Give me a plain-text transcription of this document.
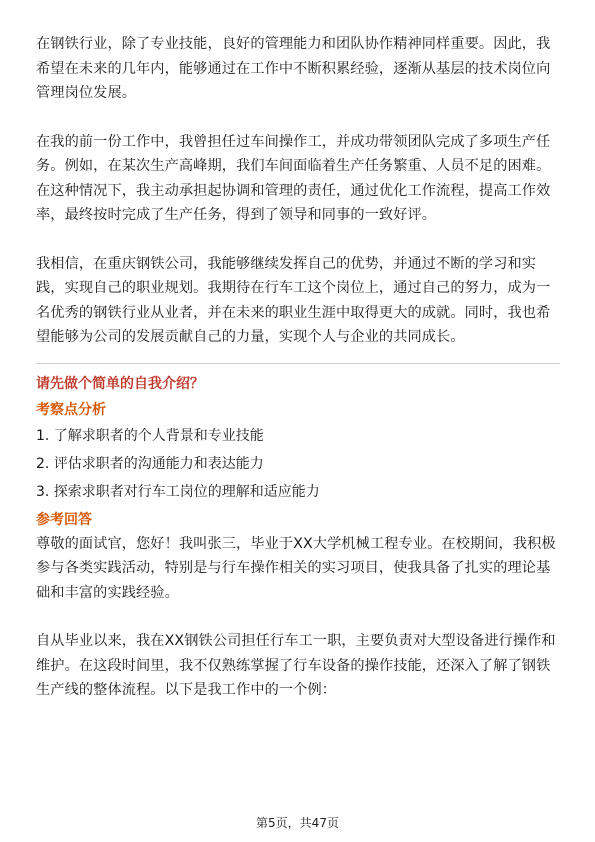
在钢铁行业，除了专业技能，良好的管理能力和团队协作精神同样重要。因此，我希望在未来的几年内，能够通过在工作中不断积累经验，逐渐从基层的技术岗位向管理岗位发展。

在我的前一份工作中，我曾担任过车间操作工，并成功带领团队完成了多项生产任务。例如，在某次生产高峰期，我们车间面临着生产任务繁重、人员不足的困难。在这种情况下，我主动承担起协调和管理的责任，通过优化工作流程，提高工作效率，最终按时完成了生产任务，得到了领导和同事的一致好评。

我相信，在重庆钢铁公司，我能够继续发挥自己的优势，并通过不断的学习和实践，实现自己的职业规划。我期待在行车工这个岗位上，通过自己的努力，成为一名优秀的钢铁行业从业者，并在未来的职业生涯中取得更大的成就。同时，我也希望能够为公司的发展贡献自己的力量，实现个人与企业的共同成长。

请先做个简单的自我介绍？

考察点分析

1. 了解求职者的个人背景和专业技能

2. 评估求职者的沟通能力和表达能力

3. 探索求职者对行车工岗位的理解和适应能力

参考回答

尊敬的面试官，您好！我叫张三，毕业于XX大学机械工程专业。在校期间，我积极参与各类实践活动，特别是与行车操作相关的实习项目，使我具备了扎实的理论基础和丰富的实践经验。

自从毕业以来，我在XX钢铁公司担任行车工一职，主要负责对大型设备进行操作和维护。在这段时间里，我不仅熟练掌握了行车设备的操作技能，还深入了解了钢铁生产线的整体流程。以下是我工作中的一个例：

第5页，共47页
